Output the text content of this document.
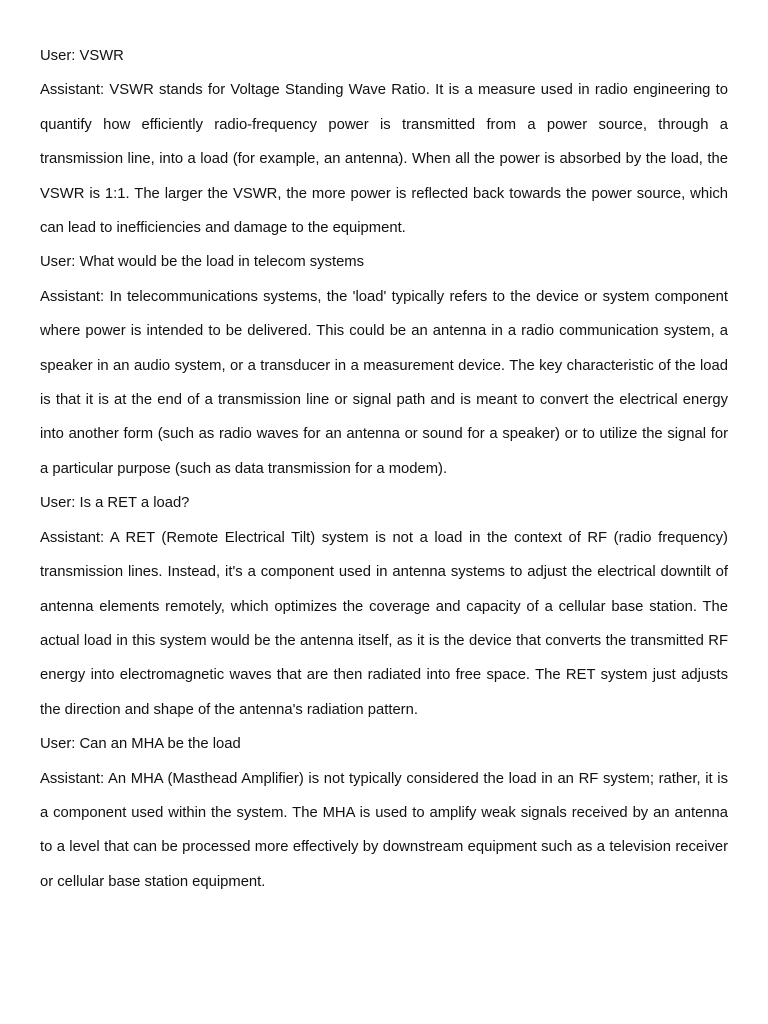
User: VSWR

Assistant: VSWR stands for Voltage Standing Wave Ratio. It is a measure used in radio engineering to quantify how efficiently radio-frequency power is transmitted from a power source, through a transmission line, into a load (for example, an antenna). When all the power is absorbed by the load, the VSWR is 1:1. The larger the VSWR, the more power is reflected back towards the power source, which can lead to inefficiencies and damage to the equipment.

User: What would be the load in telecom systems

Assistant: In telecommunications systems, the 'load' typically refers to the device or system component where power is intended to be delivered. This could be an antenna in a radio communication system, a speaker in an audio system, or a transducer in a measurement device. The key characteristic of the load is that it is at the end of a transmission line or signal path and is meant to convert the electrical energy into another form (such as radio waves for an antenna or sound for a speaker) or to utilize the signal for a particular purpose (such as data transmission for a modem).

User: Is a RET a load?

Assistant: A RET (Remote Electrical Tilt) system is not a load in the context of RF (radio frequency) transmission lines. Instead, it's a component used in antenna systems to adjust the electrical downtilt of antenna elements remotely, which optimizes the coverage and capacity of a cellular base station. The actual load in this system would be the antenna itself, as it is the device that converts the transmitted RF energy into electromagnetic waves that are then radiated into free space. The RET system just adjusts the direction and shape of the antenna's radiation pattern.

User: Can an MHA be the load

Assistant: An MHA (Masthead Amplifier) is not typically considered the load in an RF system; rather, it is a component used within the system. The MHA is used to amplify weak signals received by an antenna to a level that can be processed more effectively by downstream equipment such as a television receiver or cellular base station equipment.
